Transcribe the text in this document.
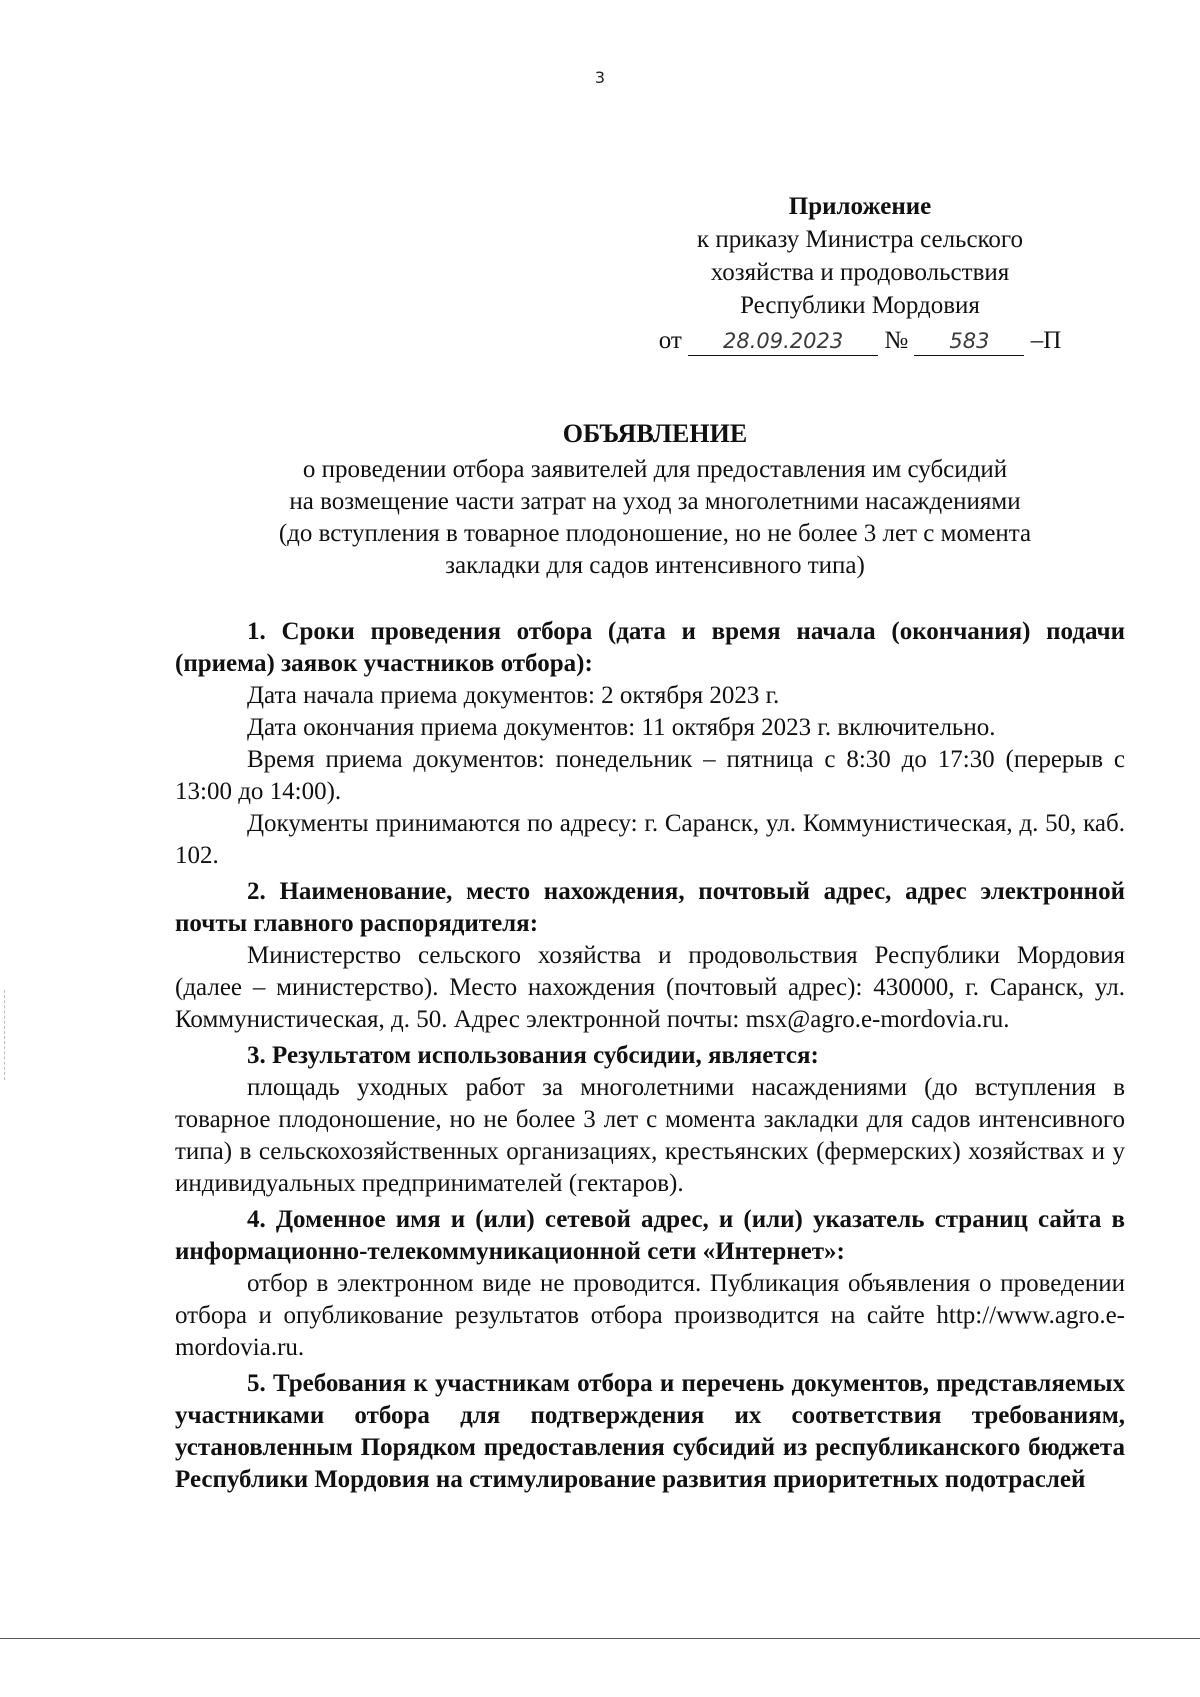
3
Приложение
к приказу Министра сельского
хозяйства и продовольствия
Республики Мордовия
от 28.09.2023 № 583 –П
ОБЪЯВЛЕНИЕ
о проведении отбора заявителей для предоставления им субсидий
на возмещение части затрат на уход за многолетними насаждениями
(до вступления в товарное плодоношение, но не более 3 лет с момента
закладки для садов интенсивного типа)

1. Сроки проведения отбора (дата и время начала (окончания) подачи (приема) заявок участников отбора):

Дата начала приема документов: 2 октября 2023 г.

Дата окончания приема документов: 11 октября 2023 г. включительно.

Время приема документов: понедельник – пятница с 8:30 до 17:30 (перерыв с 13:00 до 14:00).

Документы принимаются по адресу: г. Саранск, ул. Коммунистическая, д. 50, каб. 102.

2. Наименование, место нахождения, почтовый адрес, адрес электронной почты главного распорядителя:

Министерство сельского хозяйства и продовольствия Республики Мордовия (далее – министерство). Место нахождения (почтовый адрес): 430000, г. Саранск, ул. Коммунистическая, д. 50. Адрес электронной почты: msx@agro.e-mordovia.ru.

3. Результатом использования субсидии, является:

площадь уходных работ за многолетними насаждениями (до вступления в товарное плодоношение, но не более 3 лет с момента закладки для садов интенсивного типа) в сельскохозяйственных организациях, крестьянских (фермерских) хозяйствах и у индивидуальных предпринимателей (гектаров).

4. Доменное имя и (или) сетевой адрес, и (или) указатель страниц сайта в информационно-телекоммуникационной сети «Интернет»:

отбор в электронном виде не проводится. Публикация объявления о проведении отбора и опубликование результатов отбора производится на сайте http://www.agro.e-mordovia.ru.

5. Требования к участникам отбора и перечень документов, представляемых участниками отбора для подтверждения их соответствия требованиям, установленным Порядком предоставления субсидий из республиканского бюджета Республики Мордовия на стимулирование развития приоритетных подотраслей
